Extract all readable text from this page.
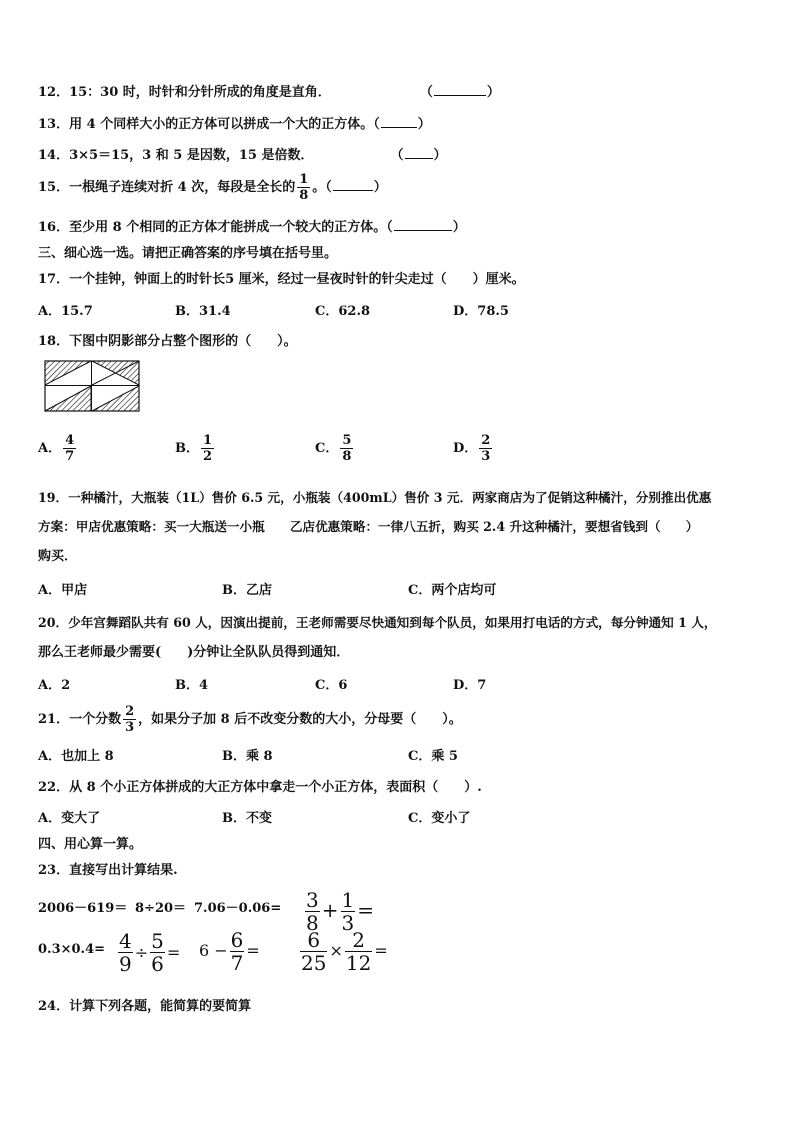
12．15：30 时，时针和分针所成的角度是直角．	（	）
13．用 4 个同样大小的正方体可以拼成一个大的正方体。（	）
14．3×5＝15，3 和 5 是因数，15 是倍数．	（ ）
15．一根绳子连续对折 4 次，每段是全长的 $\frac{1}{8}$ 。（	）
16．至少用 8 个相同的正方体才能拼成一个较大的正方体。（	）
三、细心选一选。请把正确答案的序号填在括号里。
17．一个挂钟，钟面上的时针长5 厘米，经过一昼夜时针的针尖走过（　　）厘米。
A．15.7	B．31.4	C．62.8	D．78.5
18．下图中阴影部分占整个图形的（　　）。
A． $\frac{4}{7}$	B． $\frac{1}{2}$	C． $\frac{5}{8}$	D． $\frac{2}{3}$
19．一种橘汁，大瓶装（1L）售价 6.5 元，小瓶装（400mL）售价 3 元．两家商店为了促销这种橘汁，分别推出优惠
方案：甲店优惠策略：买一大瓶送一小瓶　　乙店优惠策略：一律八五折，购买 2.4 升这种橘汁，要想省钱到（　　）
购买．
A．甲店	B．乙店	C．两个店均可
20．少年宫舞蹈队共有 60 人，因演出提前，王老师需要尽快通知到每个队员，如果用打电话的方式，每分钟通知 1 人，
那么王老师最少需要(　　)分钟让全队队员得到通知．
A．2	B．4	C．6	D．7
21．一个分数 $\frac{2}{3}$ ，如果分子加 8 后不改变分数的大小，分母要（　　）。
A．也加上 8	B．乘 8	C．乘 5
22．从 8 个小正方体拼成的大正方体中拿走一个小正方体，表面积（　　）.
A．变大了	B．不变	C．变小了
四、用心算一算。
23．直接写出计算结果.
$2006-619= 8\div 20= 7.06-0.06= \frac{3}{8} + \frac{1}{3}$ =
$0.3\times 0.4= \frac{4}{9} \div \frac{5}{6} = 6 - \frac{6}{7} = \frac{6}{25} \times \frac{2}{12}$ =
24．计算下列各题，能简算的要简算
